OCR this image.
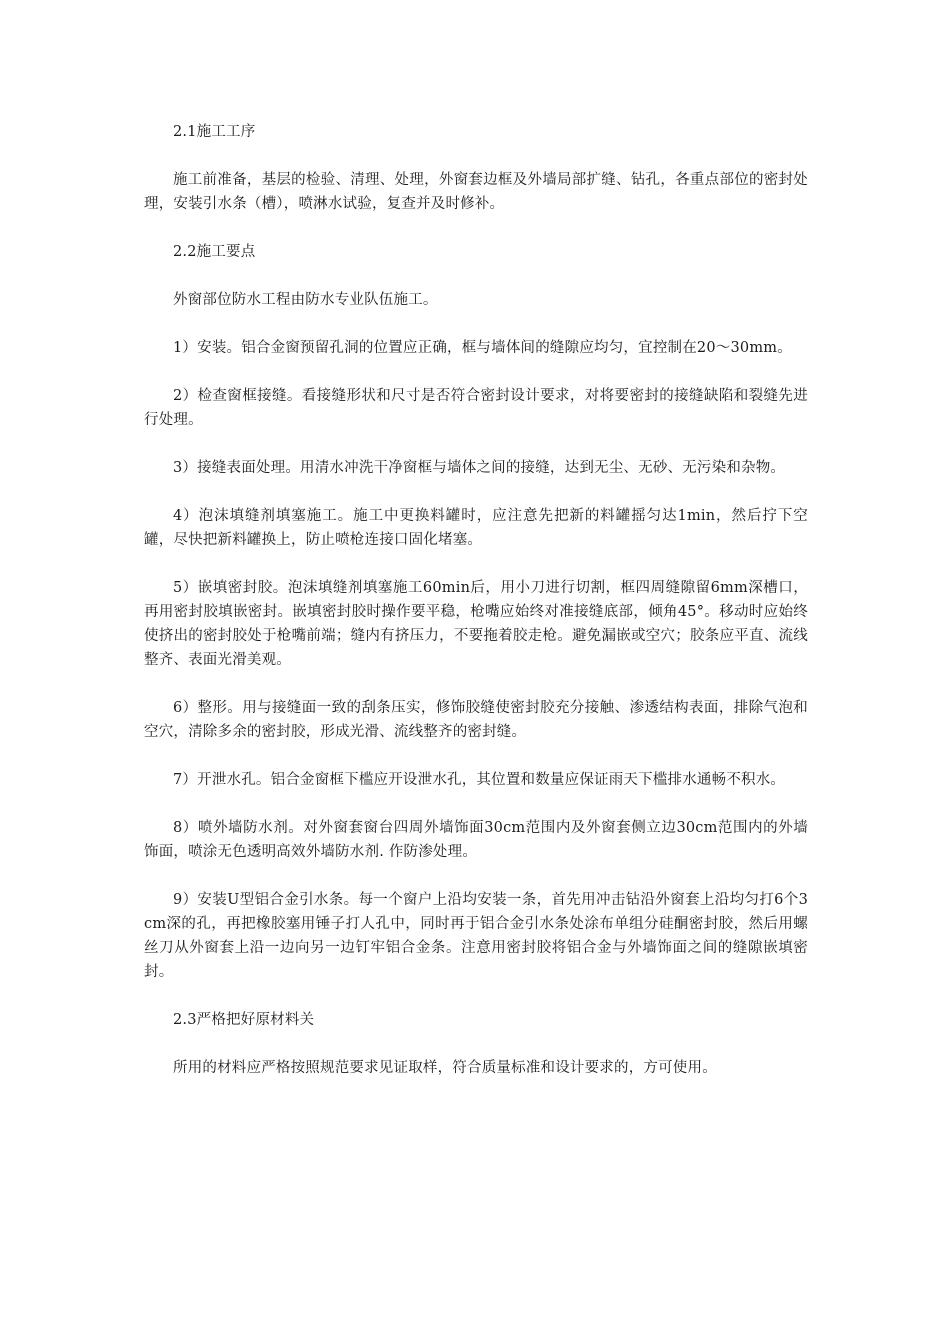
2.1施工工序

施工前准备，基层的检验、清理、处理，外窗套边框及外墙局部扩缝、钻孔，各重点部位的密封处理，安装引水条（槽），喷淋水试验，复查并及时修补。

2.2施工要点

外窗部位防水工程由防水专业队伍施工。

1）安装。铝合金窗预留孔洞的位置应正确，框与墙体间的缝隙应均匀，宜控制在20～30mm。

2）检查窗框接缝。看接缝形状和尺寸是否符合密封设计要求，对将要密封的接缝缺陷和裂缝先进行处理。

3）接缝表面处理。用清水冲洗干净窗框与墙体之间的接缝，达到无尘、无砂、无污染和杂物。

4）泡沫填缝剂填塞施工。施工中更换料罐时，应注意先把新的料罐摇匀达1min，然后拧下空罐，尽快把新料罐换上，防止喷枪连接口固化堵塞。

5）嵌填密封胶。泡沫填缝剂填塞施工60min后，用小刀进行切割，框四周缝隙留6mm深槽口，再用密封胶填嵌密封。嵌填密封胶时操作要平稳，枪嘴应始终对准接缝底部，倾角45°。移动时应始终使挤出的密封胶处于枪嘴前端；缝内有挤压力，不要拖着胶走枪。避免漏嵌或空穴；胶条应平直、流线整齐、表面光滑美观。

6）整形。用与接缝面一致的刮条压实，修饰胶缝使密封胶充分接触、渗透结构表面，排除气泡和空穴，清除多余的密封胶，形成光滑、流线整齐的密封缝。

7）开泄水孔。铝合金窗框下槛应开设泄水孔，其位置和数量应保证雨天下槛排水通畅不积水。

8）喷外墙防水剂。对外窗套窗台四周外墙饰面30cm范围内及外窗套侧立边30cm范围内的外墙饰面，喷涂无色透明高效外墙防水剂. 作防渗处理。

9）安装U型铝合金引水条。每一个窗户上沿均安装一条，首先用冲击钻沿外窗套上沿均匀打6个3cm深的孔，再把橡胶塞用锤子打人孔中，同时再于铝合金引水条处涂布单组分硅酮密封胶，然后用螺丝刀从外窗套上沿一边向另一边钉牢铝合金条。注意用密封胶将铝合金与外墙饰面之间的缝隙嵌填密封。

2.3严格把好原材料关

所用的材料应严格按照规范要求见证取样，符合质量标准和设计要求的，方可使用。
